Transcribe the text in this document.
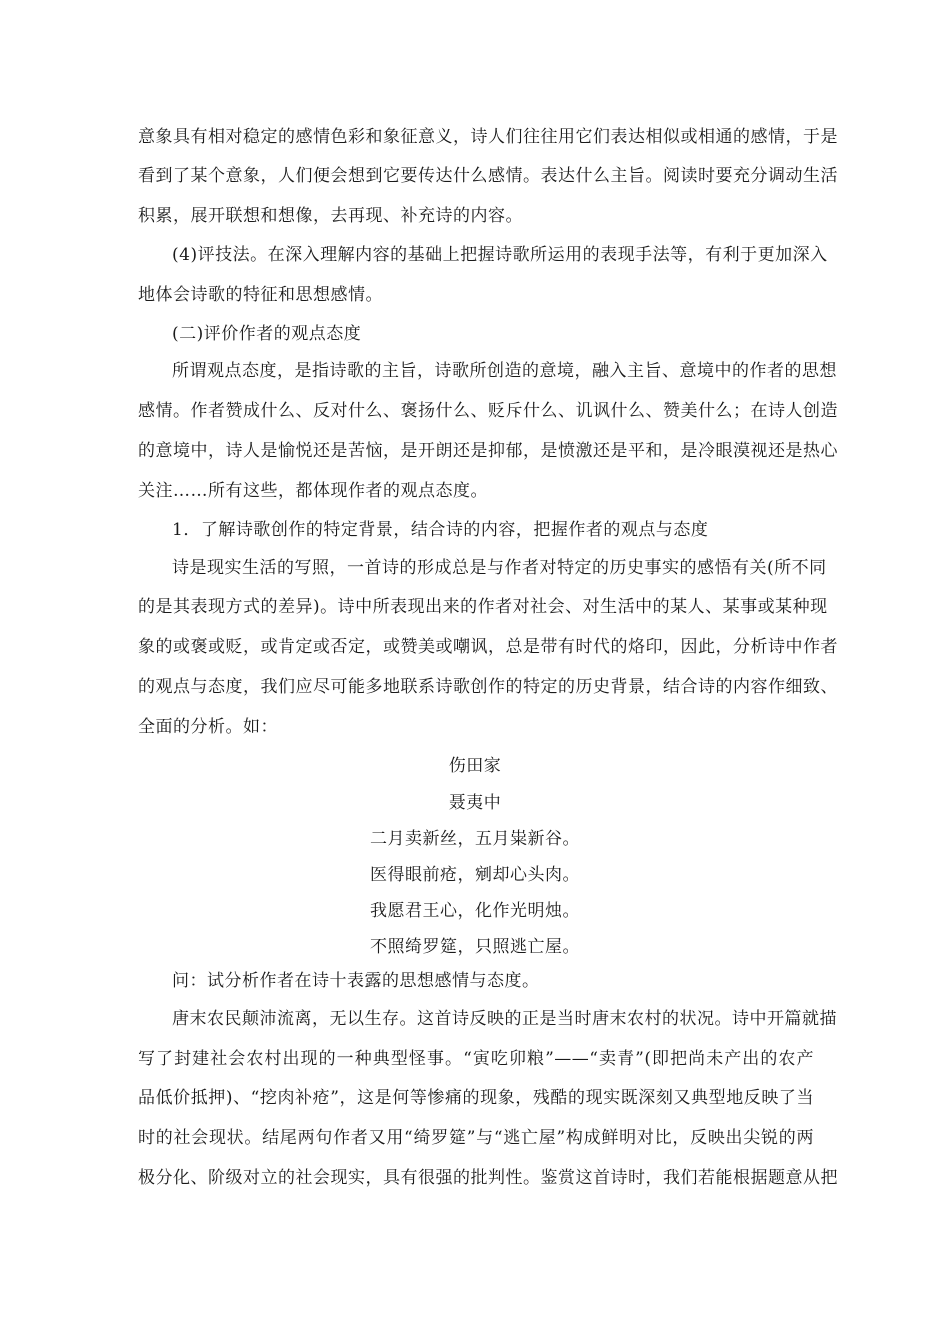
意象具有相对稳定的感情色彩和象征意义，诗人们往往用它们表达相似或相通的感情，于是
看到了某个意象，人们便会想到它要传达什么感情。表达什么主旨。阅读时要充分调动生活
积累，展开联想和想像，去再现、补充诗的内容。
(4)评技法。在深入理解内容的基础上把握诗歌所运用的表现手法等，有利于更加深入
地体会诗歌的特征和思想感情。
(二)评价作者的观点态度
所谓观点态度，是指诗歌的主旨，诗歌所创造的意境，融入主旨、意境中的作者的思想
感情。作者赞成什么、反对什么、褒扬什么、贬斥什么、讥讽什么、赞美什么；在诗人创造
的意境中，诗人是愉悦还是苦恼，是开朗还是抑郁，是愤激还是平和，是冷眼漠视还是热心
关注……所有这些，都体现作者的观点态度。
1．了解诗歌创作的特定背景，结合诗的内容，把握作者的观点与态度
诗是现实生活的写照，一首诗的形成总是与作者对特定的历史事实的感悟有关(所不同
的是其表现方式的差异)。诗中所表现出来的作者对社会、对生活中的某人、某事或某种现
象的或褒或贬，或肯定或否定，或赞美或嘲讽，总是带有时代的烙印，因此，分析诗中作者
的观点与态度，我们应尽可能多地联系诗歌创作的特定的历史背景，结合诗的内容作细致、
全面的分析。如：
伤田家
聂夷中
二月卖新丝，五月粜新谷。
医得眼前疮，剜却心头肉。
我愿君王心，化作光明烛。
不照绮罗筵，只照逃亡屋。
问：试分析作者在诗十表露的思想感情与态度。
唐末农民颠沛流离，无以生存。这首诗反映的正是当时唐末农村的状况。诗中开篇就描
写了封建社会农村出现的一种典型怪事。“寅吃卯粮”——“卖青”(即把尚未产出的农产
品低价抵押)、“挖肉补疮”，这是何等惨痛的现象，残酷的现实既深刻又典型地反映了当
时的社会现状。结尾两句作者又用“绮罗筵”与“逃亡屋”构成鲜明对比，反映出尖锐的两
极分化、阶级对立的社会现实，具有很强的批判性。鉴赏这首诗时，我们若能根据题意从把
